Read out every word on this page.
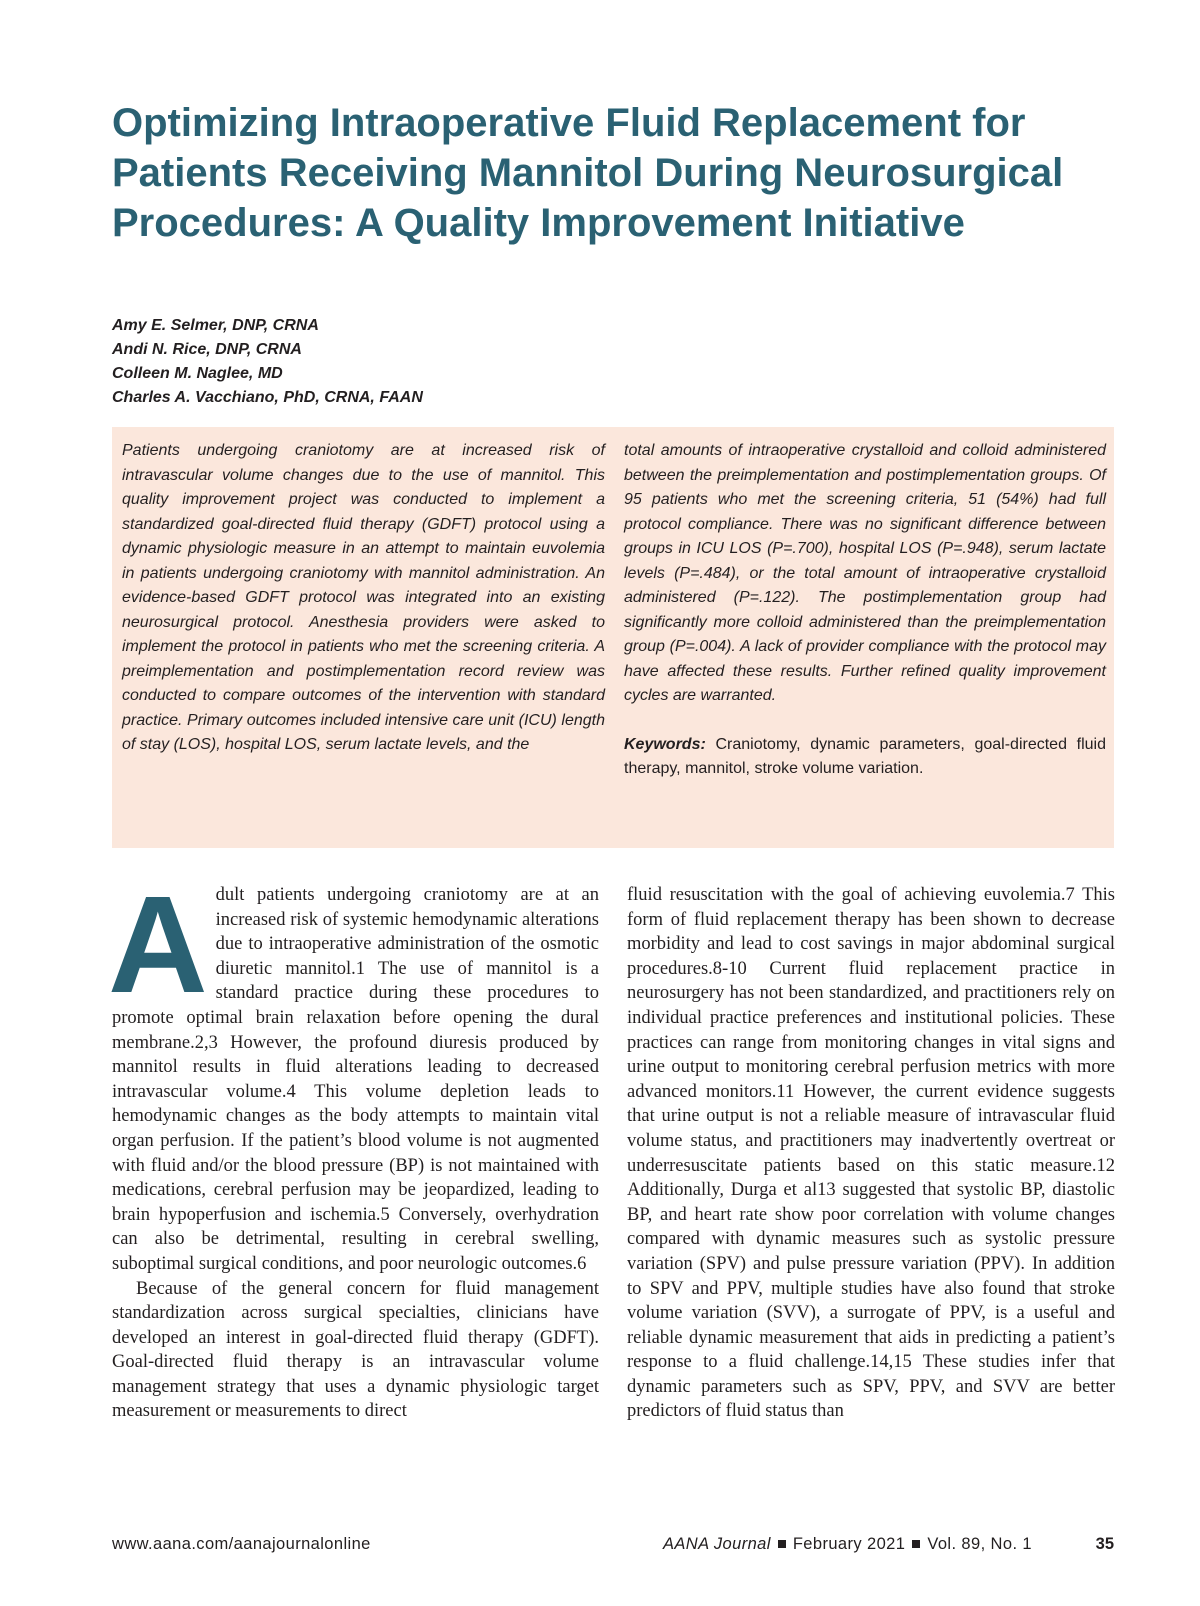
Optimizing Intraoperative Fluid Replacement for Patients Receiving Mannitol During Neurosurgical Procedures: A Quality Improvement Initiative
Amy E. Selmer, DNP, CRNA
Andi N. Rice, DNP, CRNA
Colleen M. Naglee, MD
Charles A. Vacchiano, PhD, CRNA, FAAN
Patients undergoing craniotomy are at increased risk of intravascular volume changes due to the use of mannitol. This quality improvement project was conducted to implement a standardized goal-directed fluid therapy (GDFT) protocol using a dynamic physiologic measure in an attempt to maintain euvolemia in patients undergoing craniotomy with mannitol administration. An evidence-based GDFT protocol was integrated into an existing neurosurgical protocol. Anesthesia providers were asked to implement the protocol in patients who met the screening criteria. A preimplementation and postimplementation record review was conducted to compare outcomes of the intervention with standard practice. Primary outcomes included intensive care unit (ICU) length of stay (LOS), hospital LOS, serum lactate levels, and the
total amounts of intraoperative crystalloid and colloid administered between the preimplementation and postimplementation groups. Of 95 patients who met the screening criteria, 51 (54%) had full protocol compliance. There was no significant difference between groups in ICU LOS (P=.700), hospital LOS (P=.948), serum lactate levels (P=.484), or the total amount of intraoperative crystalloid administered (P=.122). The postimplementation group had significantly more colloid administered than the preimplementation group (P=.004). A lack of provider compliance with the protocol may have affected these results. Further refined quality improvement cycles are warranted.
Keywords: Craniotomy, dynamic parameters, goal-directed fluid therapy, mannitol, stroke volume variation.

Adult patients undergoing craniotomy are at an increased risk of systemic hemodynamic alterations due to intraoperative administration of the osmotic diuretic mannitol.1 The use of mannitol is a standard practice during these procedures to promote optimal brain relaxation before opening the dural membrane.2,3 However, the profound diuresis produced by mannitol results in fluid alterations leading to decreased intravascular volume.4 This volume depletion leads to hemodynamic changes as the body attempts to maintain vital organ perfusion. If the patient’s blood volume is not augmented with fluid and/or the blood pressure (BP) is not maintained with medications, cerebral perfusion may be jeopardized, leading to brain hypoperfusion and ischemia.5 Conversely, overhydration can also be detrimental, resulting in cerebral swelling, suboptimal surgical conditions, and poor neurologic outcomes.6

Because of the general concern for fluid management standardization across surgical specialties, clinicians have developed an interest in goal-directed fluid therapy (GDFT). Goal-directed fluid therapy is an intravascular volume management strategy that uses a dynamic physiologic target measurement or measurements to direct

fluid resuscitation with the goal of achieving euvolemia.7 This form of fluid replacement therapy has been shown to decrease morbidity and lead to cost savings in major abdominal surgical procedures.8-10 Current fluid replacement practice in neurosurgery has not been standardized, and practitioners rely on individual practice preferences and institutional policies. These practices can range from monitoring changes in vital signs and urine output to monitoring cerebral perfusion metrics with more advanced monitors.11 However, the current evidence suggests that urine output is not a reliable measure of intravascular fluid volume status, and practitioners may inadvertently overtreat or underresuscitate patients based on this static measure.12 Additionally, Durga et al13 suggested that systolic BP, diastolic BP, and heart rate show poor correlation with volume changes compared with dynamic measures such as systolic pressure variation (SPV) and pulse pressure variation (PPV). In addition to SPV and PPV, multiple studies have also found that stroke volume variation (SVV), a surrogate of PPV, is a useful and reliable dynamic measurement that aids in predicting a patient’s response to a fluid challenge.14,15 These studies infer that dynamic parameters such as SPV, PPV, and SVV are better predictors of fluid status than

www.aana.com/aanajournalonline	AANA Journal February 2021 Vol. 89, No. 1	35
